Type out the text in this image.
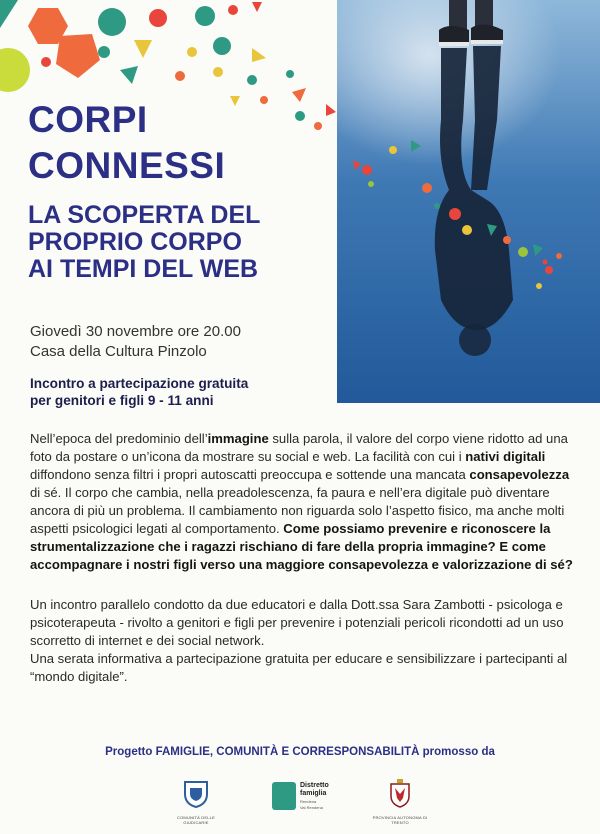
CORPI
CONNESSI
LA SCOPERTA DEL
PROPRIO CORPO
AI TEMPI DEL WEB
Giovedì 30 novembre ore 20.00
Casa della Cultura Pinzolo
Incontro a partecipazione gratuita
per genitori e figli 9 - 11 anni

Nell’epoca del predominio dell’immagine sulla parola, il valore del corpo viene ridotto ad una foto da postare o un’icona da mostrare su social e web. La facilità con cui i nativi digitali diffondono senza filtri i propri autoscatti preoccupa e sottende una mancata consapevolezza di sé. Il corpo che cambia, nella preadolescenza, fa paura e nell’era digitale può diventare ancora di più un problema. Il cambiamento non riguarda solo l’aspetto fisico, ma anche molti aspetti psicologici legati al comportamento. Come possiamo prevenire e riconoscere la strumentalizzazione che i ragazzi rischiano di fare della propria immagine? E come accompagnare i nostri figli verso una maggiore consapevolezza e valorizzazione di sé?

Un incontro parallelo condotto da due educatori e dalla Dott.ssa Sara Zambotti - psicologa e psicoterapeuta - rivolto a genitori e figli per prevenire i potenziali pericoli ricondotti ad un uso scorretto di internet e dei social network.
Una serata informativa a partecipazione gratuita per educare e sensibilizzare i partecipanti al “mondo digitale”.

Progetto FAMIGLIE, COMUNITÀ E CORRESPONSABILITÀ promosso da
COMUNITÀ DELLE GIUDICARIE
Distretto famiglia
Rendena
Val Rendena
PROVINCIA AUTONOMA DI TRENTO
